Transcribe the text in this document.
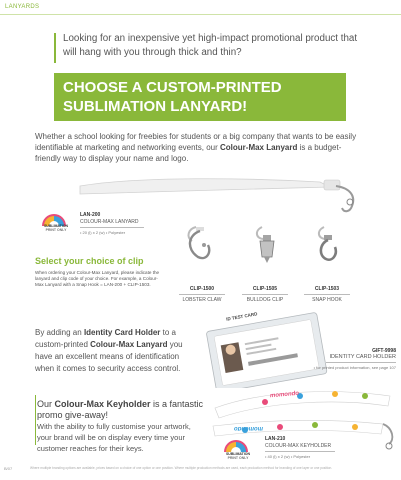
LANYARDS
Looking for an inexpensive yet high-impact promotional product that will hang with you through thick and thin?
CHOOSE A CUSTOM-PRINTED
SUBLIMATION LANYARD!
Whether a school looking for freebies for students or a big company that wants to be easily identifiable at marketing and networking events, our Colour-Max Lanyard is a budget-friendly way to display your name and logo.
SUBLIMATION
PRINT ONLY
LAN-200
COLOUR-MAX LANYARD
• 20 (l) x 2 (w) • Polyester
Select your choice of clip
When ordering your Colour-Max Lanyard, please indicate the lanyard and clip code of your choice. For example, a Colour-Max Lanyard with a Snap Hook = LAN-200 + CLIP-1503.
CLIP-1500
LOBSTER CLAW
CLIP-1505
BULLDOG CLIP
CLIP-1503
SNAP HOOK
By adding an Identity Card Holder to a custom-printed Colour-Max Lanyard you have an excellent means of identification when it comes to security access control.
ID TEST CARD
GIFT-9998
IDENTITY CARD HOLDER
• for printed product information, see page 107
Our Colour-Max Keyholder is a fantastic promo give-away!
With the ability to fully customise your artwork, your brand will be on display every time your customer reaches for their keys.
momondo
momondo
SUBLIMATION
PRINT ONLY
LAN-210
COLOUR-MAX KEYHOLDER
• 40 (l) x 2 (w) • Polyester
B/07	Where multiple branding options are available, prices based on a choice of one option or one position. Where multiple production methods are used, each production method for branding of one layer or one position.
